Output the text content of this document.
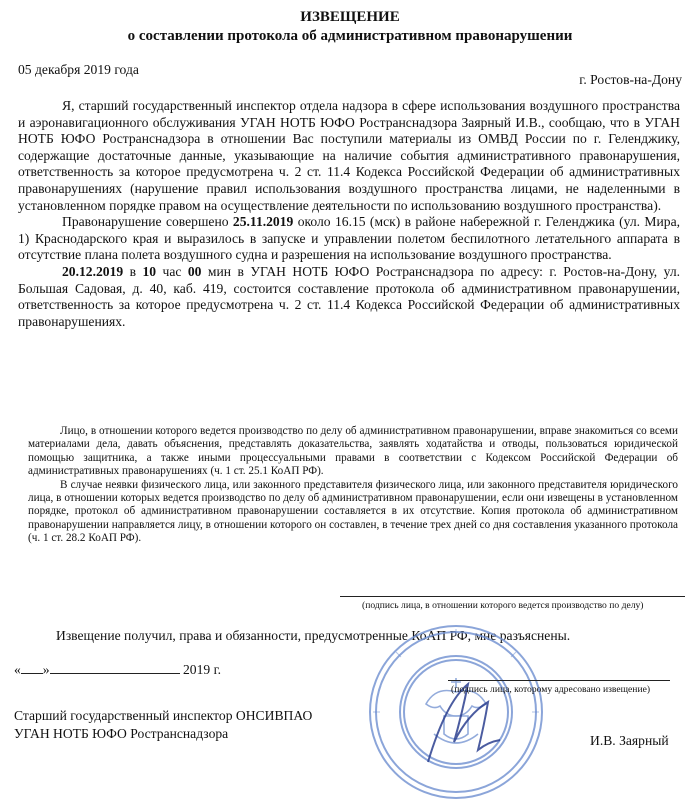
ИЗВЕЩЕНИЕ
о составлении протокола об административном правонарушении
05 декабря 2019 года
г. Ростов-на-Дону

Я, старший государственный инспектор отдела надзора в сфере использования воздушного пространства и аэронавигационного обслуживания УГАН НОТБ ЮФО Ространснадзора Заярный И.В., сообщаю, что в УГАН НОТБ ЮФО Ространснадзора в отношении Вас поступили материалы из ОМВД России по г. Геленджику, содержащие достаточные данные, указывающие на наличие события административного правонарушения, ответственность за которое предусмотрена ч. 2 ст. 11.4 Кодекса Российской Федерации об административных правонарушениях (нарушение правил использования воздушного пространства лицами, не наделенными в установленном порядке правом на осуществление деятельности по использованию воздушного пространства).

Правонарушение совершено 25.11.2019 около 16.15 (мск) в районе набережной г. Геленджика (ул. Мира, 1) Краснодарского края и выразилось в запуске и управлении полетом беспилотного летательного аппарата в отсутствие плана полета воздушного судна и разрешения на использование воздушного пространства.

20.12.2019 в 10 час 00 мин в УГАН НОТБ ЮФО Ространснадзора по адресу: г. Ростов-на-Дону, ул. Большая Садовая, д. 40, каб. 419, состоится составление протокола об административном правонарушении, ответственность за которое предусмотрена ч. 2 ст. 11.4 Кодекса Российской Федерации об административных правонарушениях.

Лицо, в отношении которого ведется производство по делу об административном правонарушении, вправе знакомиться со всеми материалами дела, давать объяснения, представлять доказательства, заявлять ходатайства и отводы, пользоваться юридической помощью защитника, а также иными процессуальными правами в соответствии с Кодексом Российской Федерации об административных правонарушениях (ч. 1 ст. 25.1 КоАП РФ).

В случае неявки физического лица, или законного представителя физического лица, или законного представителя юридического лица, в отношении которых ведется производство по делу об административном правонарушении, если они извещены в установленном порядке, протокол об административном правонарушении составляется в их отсутствие. Копия протокола об административном правонарушении направляется лицу, в отношении которого он составлен, в течение трех дней со дня составления указанного протокола (ч. 1 ст. 28.2 КоАП РФ).

(подпись лица, в отношении которого ведется производство по делу)
Извещение получил, права и обязанности, предусмотренные КоАП РФ, мне разъяснены.
« »	2019 г.
(подпись лица, которому адресовано извещение)
Старший государственный инспектор ОНСИВПАО
УГАН НОТБ ЮФО Ространснадзора	И.В. Заярный
